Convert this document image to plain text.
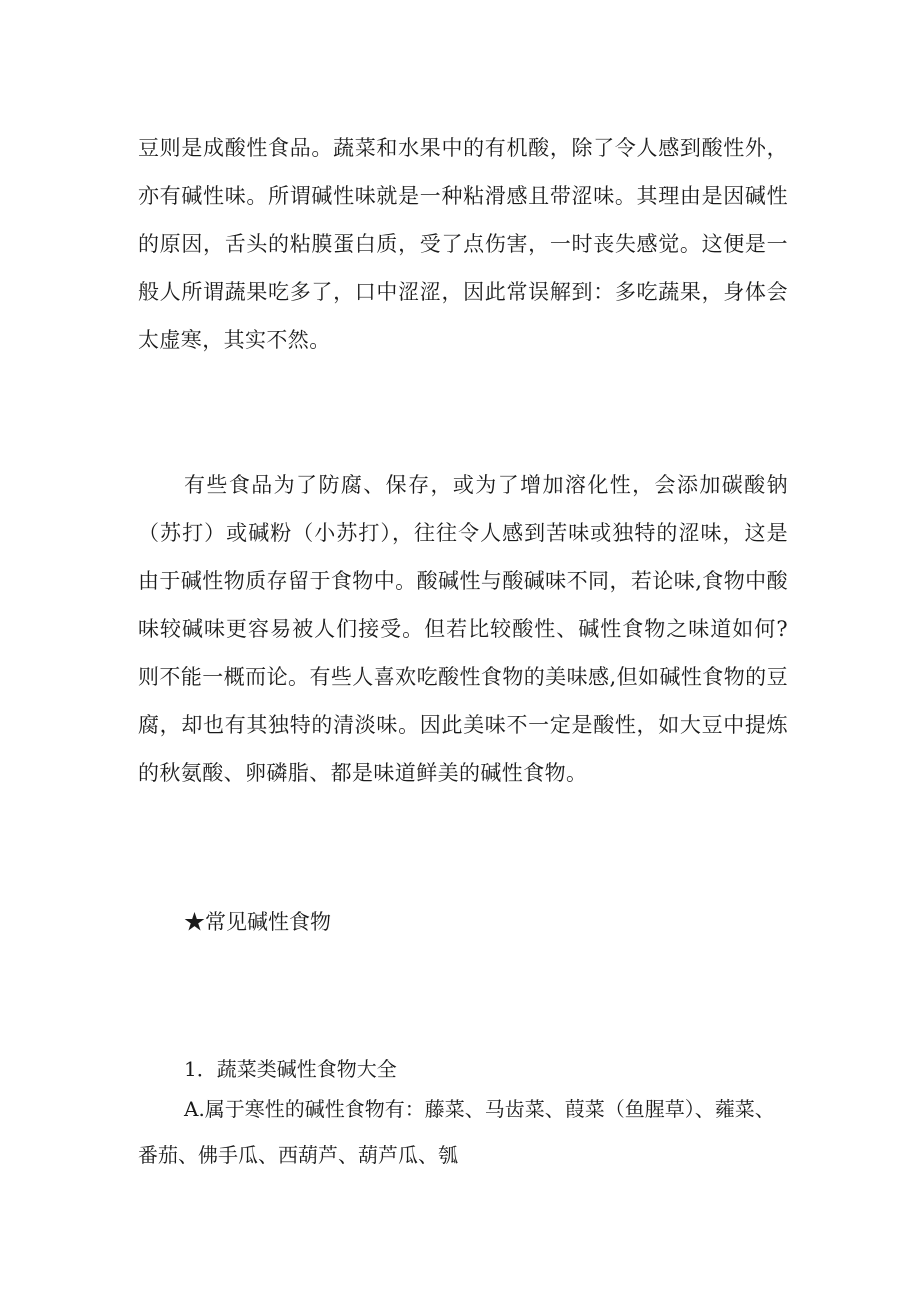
豆则是成酸性食品。蔬菜和水果中的有机酸，除了令人感到酸性外，亦有碱性味。所谓碱性味就是一种粘滑感且带涩味。其理由是因碱性的原因，舌头的粘膜蛋白质，受了点伤害，一时丧失感觉。这便是一般人所谓蔬果吃多了，口中涩涩，因此常误解到：多吃蔬果，身体会太虚寒，其实不然。

有些食品为了防腐、保存，或为了增加溶化性，会添加碳酸钠（苏打）或碱粉（小苏打），往往令人感到苦味或独特的涩味，这是由于碱性物质存留于食物中。酸碱性与酸碱味不同，若论味,食物中酸味较碱味更容易被人们接受。但若比较酸性、碱性食物之味道如何?则不能一概而论。有些人喜欢吃酸性食物的美味感,但如碱性食物的豆腐，却也有其独特的清淡味。因此美味不一定是酸性，如大豆中提炼的秋氨酸、卵磷脂、都是味道鲜美的碱性食物。

★常见碱性食物

1．蔬菜类碱性食物大全

A.属于寒性的碱性食物有：藤菜、马齿菜、葭菜（鱼腥草）、蕹菜、番茄、佛手瓜、西葫芦、葫芦瓜、瓠
